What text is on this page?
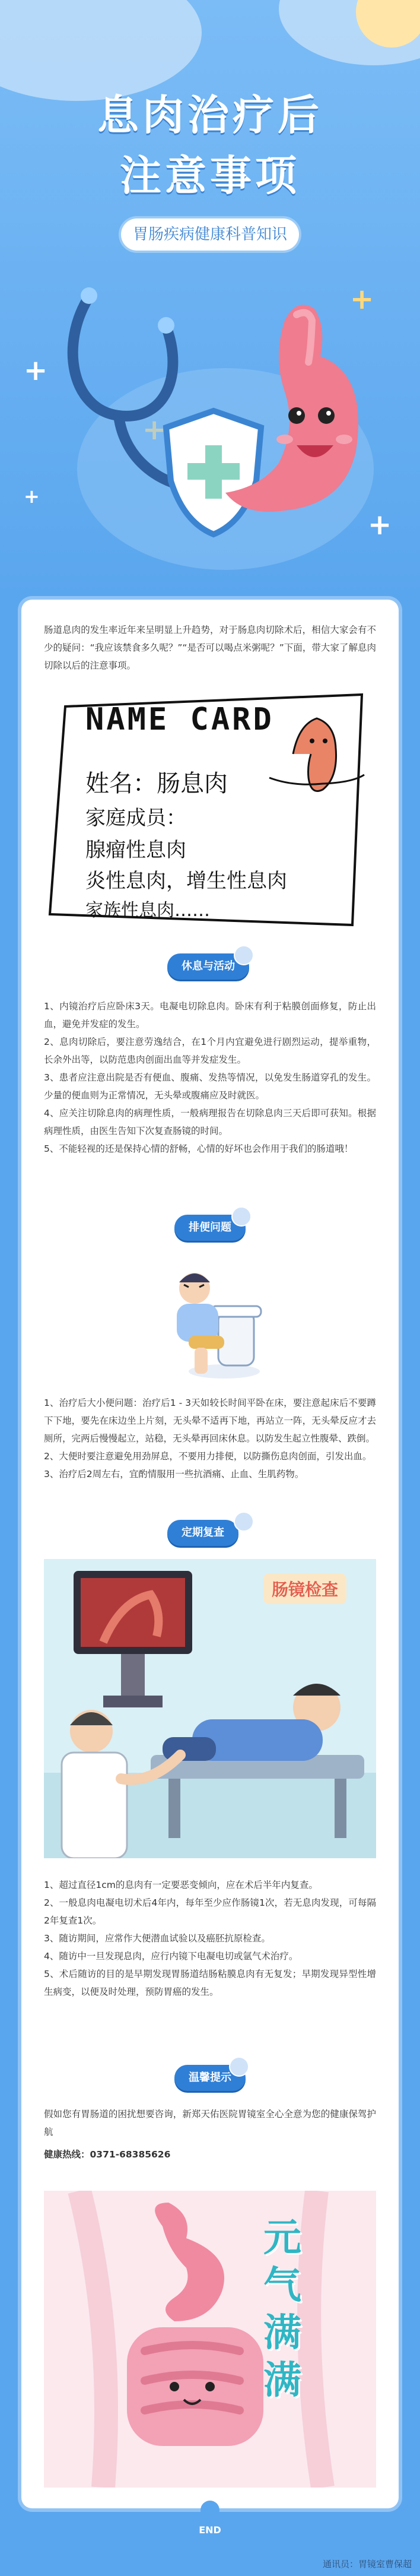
息肉治疗后
注意事项
胃肠疾病健康科普知识
+
+
+
+
肠道息肉的发生率近年来呈明显上升趋势，对于肠息肉切除术后，相信大家会有不少的疑问：“我应该禁食多久呢？”“是否可以喝点米粥呢？”下面，带大家了解息肉切除以后的注意事项。
NAME CARD
姓名：肠息肉
家庭成员：
腺瘤性息肉
炎性息肉，增生性息肉
家族性息肉……
休息与活动
1、内镜治疗后应卧床3天。电凝电切除息肉。卧床有利于粘膜创面修复，防止出血，避免并发症的发生。
2、息肉切除后，要注意劳逸结合，在1个月内宜避免进行剧烈运动，提举重物，长余外出等，以防范患肉创面出血等并发症发生。
3、患者应注意出院是否有便血、腹痛、发热等情况，以免发生肠道穿孔的发生。少量的便血则为正常情况，无头晕或腹痛应及时就医。
4、应关注切除息肉的病理性质，一般病理报告在切除息肉三天后即可获知。根据病理性质，由医生告知下次复查肠镜的时间。
5、不能轻视的还是保持心情的舒畅，心情的好坏也会作用于我们的肠道哦！
排便问题
1、治疗后大小便问题：治疗后1 - 3天如较长时间平卧在床，要注意起床后不要蹲下下地，要先在床边坐上片刻，无头晕不适再下地，再站立一阵，无头晕反应才去厕所，完两后慢慢起立，站稳，无头晕再回床休息。以防发生起立性腹晕、跌倒。
2、大便时要注意避免用劲屏息，不要用力排便，以防撕伤息肉创面，引发出血。
3、治疗后2周左右，宜酌情服用一些抗酒痛、止血、生肌药物。
定期复查
肠镜检查
1、超过直径1cm的息肉有一定要恶变倾向，应在术后半年内复查。
2、一般息肉电凝电切术后4年内，每年至少应作肠镜1次，若无息肉发现，可每隔2年复查1次。
3、随访期间，应常作大便潜血试验以及癌胚抗原检查。
4、随访中一旦发现息肉，应行内镜下电凝电切或氩气术治疗。
5、术后随访的目的是早期发现胃肠道结肠粘膜息肉有无复发；早期发现异型性增生病变，以便及时处理，预防胃癌的发生。
温馨提示
假如您有胃肠道的困扰想要咨询，新郑天佑医院胃镜室全心全意为您的健康保驾护航
健康热线：0371-68385626
元气满满
END
通讯员：胃镜室曹保超
